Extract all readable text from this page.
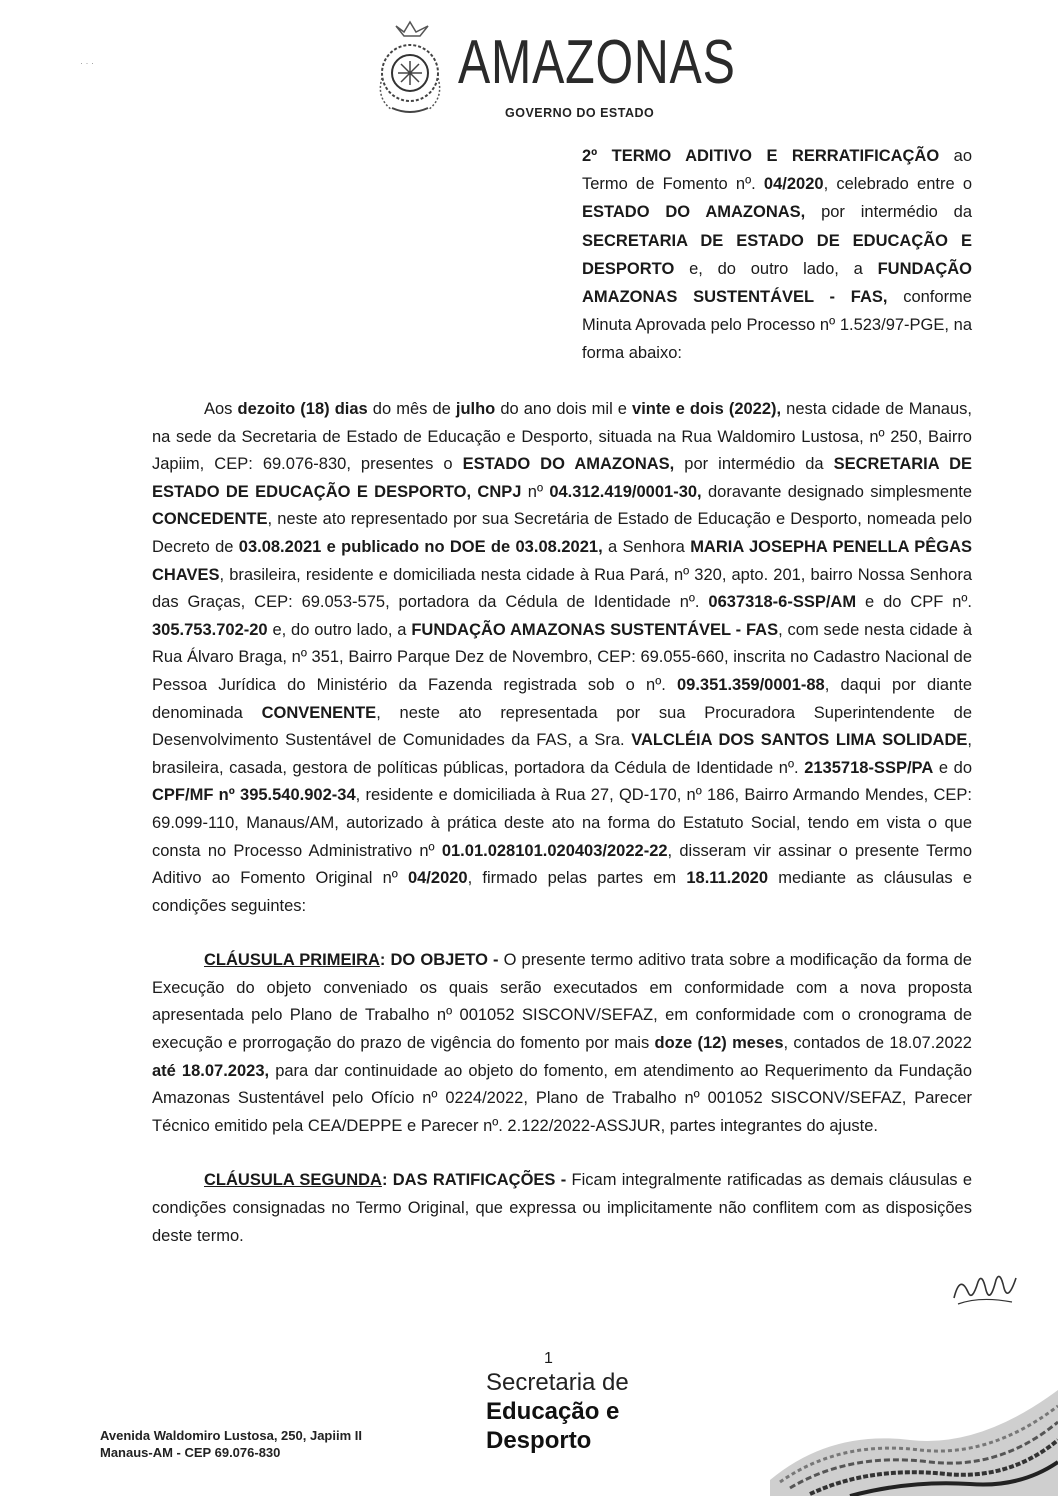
AMAZONAS
GOVERNO DO ESTADO
· · ·
2º TERMO ADITIVO E RERRATIFICAÇÃO ao Termo de Fomento nº. 04/2020, celebrado entre o ESTADO DO AMAZONAS, por intermédio da SECRETARIA DE ESTADO DE EDUCAÇÃO E DESPORTO e, do outro lado, a FUNDAÇÃO AMAZONAS SUSTENTÁVEL - FAS, conforme Minuta Aprovada pelo Processo nº 1.523/97-PGE, na forma abaixo:

Aos dezoito (18) dias do mês de julho do ano dois mil e vinte e dois (2022), nesta cidade de Manaus, na sede da Secretaria de Estado de Educação e Desporto, situada na Rua Waldomiro Lustosa, nº 250, Bairro Japiim, CEP: 69.076-830, presentes o ESTADO DO AMAZONAS, por intermédio da SECRETARIA DE ESTADO DE EDUCAÇÃO E DESPORTO, CNPJ nº 04.312.419/0001-30, doravante designado simplesmente CONCEDENTE, neste ato representado por sua Secretária de Estado de Educação e Desporto, nomeada pelo Decreto de 03.08.2021 e publicado no DOE de 03.08.2021, a Senhora MARIA JOSEPHA PENELLA PÊGAS CHAVES, brasileira, residente e domiciliada nesta cidade à Rua Pará, nº 320, apto. 201, bairro Nossa Senhora das Graças, CEP: 69.053-575, portadora da Cédula de Identidade nº. 0637318-6-SSP/AM e do CPF nº. 305.753.702-20 e, do outro lado, a FUNDAÇÃO AMAZONAS SUSTENTÁVEL - FAS, com sede nesta cidade à Rua Álvaro Braga, nº 351, Bairro Parque Dez de Novembro, CEP: 69.055-660, inscrita no Cadastro Nacional de Pessoa Jurídica do Ministério da Fazenda registrada sob o nº. 09.351.359/0001-88, daqui por diante denominada CONVENENTE, neste ato representada por sua Procuradora Superintendente de Desenvolvimento Sustentável de Comunidades da FAS, a Sra. VALCLÉIA DOS SANTOS LIMA SOLIDADE, brasileira, casada, gestora de políticas públicas, portadora da Cédula de Identidade nº. 2135718-SSP/PA e do CPF/MF nº 395.540.902-34, residente e domiciliada à Rua 27, QD-170, nº 186, Bairro Armando Mendes, CEP: 69.099-110, Manaus/AM, autorizado à prática deste ato na forma do Estatuto Social, tendo em vista o que consta no Processo Administrativo nº 01.01.028101.020403/2022-22, disseram vir assinar o presente Termo Aditivo ao Fomento Original nº 04/2020, firmado pelas partes em 18.11.2020 mediante as cláusulas e condições seguintes:

CLÁUSULA PRIMEIRA: DO OBJETO - O presente termo aditivo trata sobre a modificação da forma de Execução do objeto conveniado os quais serão executados em conformidade com a nova proposta apresentada pelo Plano de Trabalho nº 001052 SISCONV/SEFAZ, em conformidade com o cronograma de execução e prorrogação do prazo de vigência do fomento por mais doze (12) meses, contados de 18.07.2022 até 18.07.2023, para dar continuidade ao objeto do fomento, em atendimento ao Requerimento da Fundação Amazonas Sustentável pelo Ofício nº 0224/2022, Plano de Trabalho nº 001052 SISCONV/SEFAZ, Parecer Técnico emitido pela CEA/DEPPE e Parecer nº. 2.122/2022-ASSJUR, partes integrantes do ajuste.

CLÁUSULA SEGUNDA: DAS RATIFICAÇÕES - Ficam integralmente ratificadas as demais cláusulas e condições consignadas no Termo Original, que expressa ou implicitamente não conflitem com as disposições deste termo.

1
Avenida Waldomiro Lustosa, 250, Japiim II
Manaus-AM - CEP 69.076-830
Secretaria de
Educação e
Desporto
